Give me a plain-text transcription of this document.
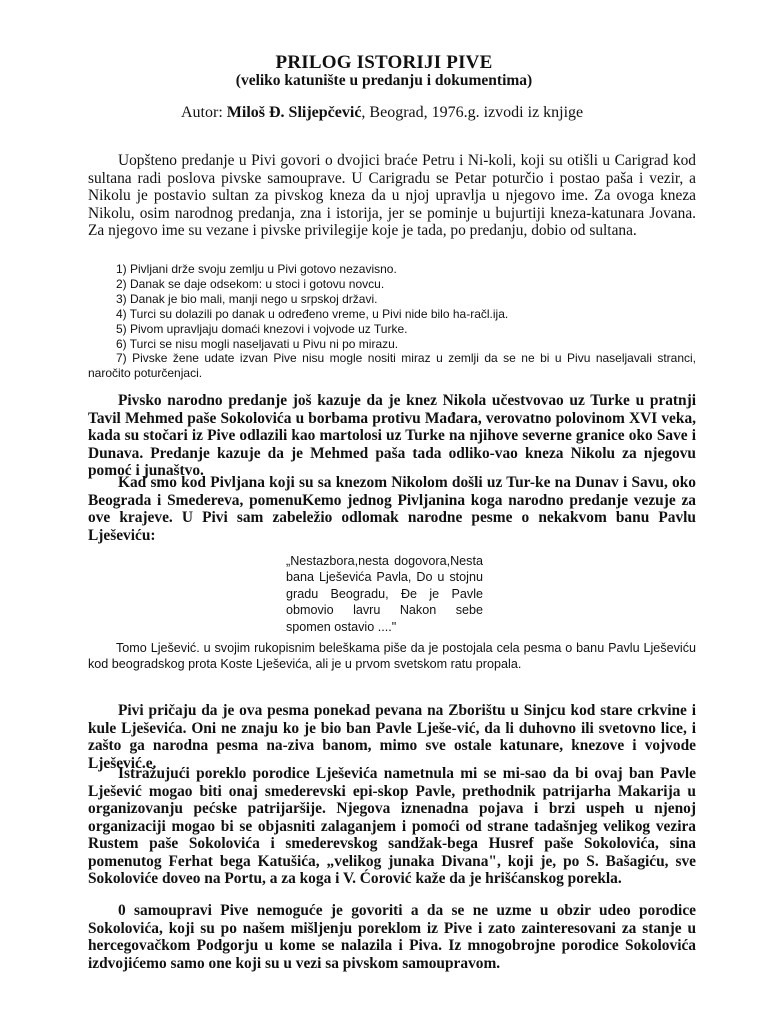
PRILOG ISTORIJI PIVE
(veliko katunište u predanju i dokumentima)
Autor: Miloš Đ. Slijepčević, Beograd, 1976.g. izvodi iz knjige
Uopšteno predanje u Pivi govori o dvojici braće Petru i Ni-koli, koji su otišli u Carigrad kod sultana radi poslova pivske samouprave. U Carigradu se Petar poturčio i postao paša i vezir, a Nikolu je postavio sultan za pivskog kneza da u njoj upravlja u njegovo ime. Za ovoga kneza Nikolu, osim narodnog predanja, zna i istorija, jer se pominje u bujurtiji kneza-katunara Jovana. Za njegovo ime su vezane i pivske privilegije koje je tada, po predanju, dobio od sultana.
1) Pivljani drže svoju zemlju u Pivi gotovo nezavisno.
2) Danak se daje odsekom: u stoci i gotovu novcu.
3) Danak je bio mali, manji nego u srpskoj državi.
4) Turci su dolazili po danak u određeno vreme, u Pivi nide bilo ha-račl.ija.
5) Pivom upravljaju domaći knezovi i vojvode uz Turke.
6) Turci se nisu mogli naseljavati u Pivu ni po mirazu.
7) Pivske žene udate izvan Pive nisu mogle nositi miraz u zemlji da se ne bi u Pivu naseljavali stranci, naročito poturčenjaci.
Pivsko narodno predanje još kazuje da je knez Nikola učestvovao uz Turke u pratnji Tavil Mehmed paše Sokolovića u borbama protivu Mađara, verovatno polovinom XVI veka, kada su stočari iz Pive odlazili kao martolosi uz Turke na njihove severne granice oko Save i Dunava. Predanje kazuje da je Mehmed paša tada odliko-vao kneza Nikolu za njegovu pomoć i junaštvo.
Kad smo kod Pivljana koji su sa knezom Nikolom došli uz Tur-ke na Dunav i Savu, oko Beograda i Smedereva, pomenuKemo jednog Pivljanina koga narodno predanje vezuje za ove krajeve. U Pivi sam zabeležio odlomak narodne pesme o nekakvom banu Pavlu Lješeviću:
„Nestazbora,nesta dogovora,Nesta bana Lješevića Pavla, Do u stojnu gradu Beogradu, Đe je Pavle obmovio lavru Nakon sebe spomen ostavio ...."
Tomo Lješević. u svojim rukopisnim beleškama piše da je postojala cela pesma o banu Pavlu Lješeviću kod beogradskog prota Koste Lješevića, ali je u prvom svetskom ratu propala.
Pivi pričaju da je ova pesma ponekad pevana na Zborištu u Sinjcu kod stare crkvine i kule Lješevića. Oni ne znaju ko je bio ban Pavle Lješe-vić, da li duhovno ili svetovno lice, i zašto ga narodna pesma na-ziva banom, mimo sve ostale katunare, knezove i vojvode Lješević.e.
Istražujući poreklo porodice Lješevića nametnula mi se mi-sao da bi ovaj ban Pavle Lješević mogao biti onaj smederevski epi-skop Pavle, prethodnik patrijarha Makarija u organizovanju pećske patrijaršije. Njegova iznenadna pojava i brzi uspeh u njenoj organizaciji mogao bi se objasniti zalaganjem i pomoći od strane tadašnjeg velikog vezira Rustem paše Sokolovića i smederevskog sandžak-bega Husref paše Sokolovića, sina pomenutog Ferhat bega Katušića, „velikog junaka Divana", koji je, po S. Bašagiću, sve Sokoloviće doveo na Portu, a za koga i V. Ćorović kaže da je hrišćanskog porekla.
0 samoupravi Pive nemoguće je govoriti a da se ne uzme u obzir udeo porodice Sokolovića, koji su po našem mišljenju poreklom iz Pive i zato zainteresovani za stanje u hercegovačkom Podgorju u kome se nalazila i Piva. Iz mnogobrojne porodice Sokolovića izdvojićemo samo one koji su u vezi sa pivskom samoupravom.
